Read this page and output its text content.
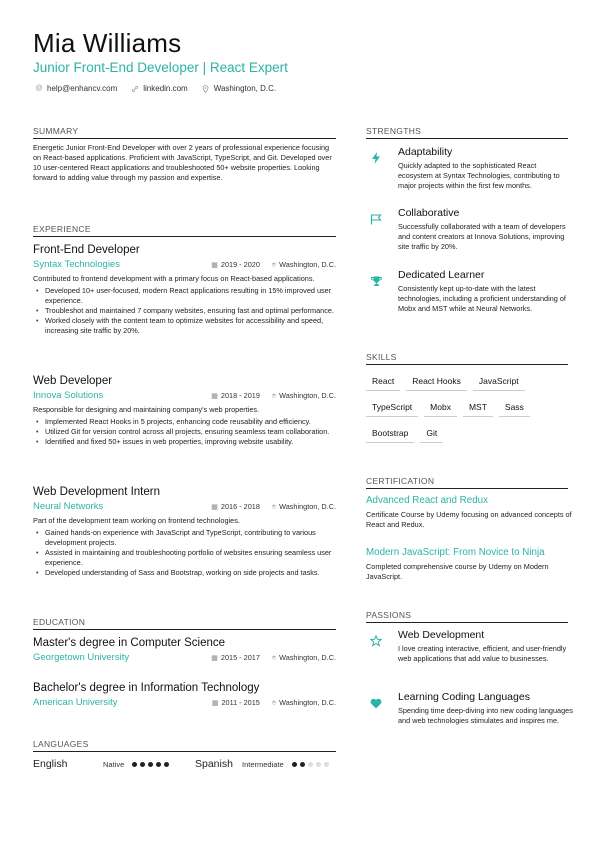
Mia Williams
Junior Front-End Developer | React Expert
@ help@enhancv.com	linkedin.com	Washington, D.C.
SUMMARY
Energetic Junior Front-End Developer with over 2 years of professional experience focusing on React-based applications. Proficient with JavaScript, TypeScript, and Git. Developed over 10 user-centered React applications and troubleshooted 50+ website properties. Looking forward to adding value through my passion and expertise.
EXPERIENCE
Front-End Developer
Syntax Technologies	▦ 2019 - 2020 ⌾ Washington, D.C.
Contributed to frontend development with a primary focus on React-based applications.
• Developed 10+ user-focused, modern React applications resulting in 15% improved user experience.
• Troubleshot and maintained 7 company websites, ensuring fast and optimal performance.
• Worked closely with the content team to optimize websites for accessibility and speed, increasing site traffic by 20%.
Web Developer
Innova Solutions	▦ 2018 - 2019 ⌾ Washington, D.C.
Responsible for designing and maintaining company's web properties.
• Implemented React Hooks in 5 projects, enhancing code reusability and efficiency.
• Utilized Git for version control across all projects, ensuring seamless team collaboration.
• Identified and fixed 50+ issues in web properties, improving website usability.
Web Development Intern
Neural Networks	▦ 2016 - 2018 ⌾ Washington, D.C.
Part of the development team working on frontend technologies.
• Gained hands-on experience with JavaScript and TypeScript, contributing to various development projects.
• Assisted in maintaining and troubleshooting portfolio of websites ensuring seamless user experience.
• Developed understanding of Sass and Bootstrap, working on side projects and tasks.
EDUCATION
Master's degree in Computer Science
Georgetown University	▦ 2015 - 2017 ⌾ Washington, D.C.
Bachelor's degree in Information Technology
American University	▦ 2011 - 2015 ⌾ Washington, D.C.
LANGUAGES
English	Native	Spanish	Intermediate
STRENGTHS
Adaptability
Quickly adapted to the sophisticated React ecosystem at Syntax Technologies, contributing to major projects within the first few months.
Collaborative
Successfully collaborated with a team of developers and content creators at Innova Solutions, improving site traffic by 20%.
Dedicated Learner
Consistently kept up-to-date with the latest technologies, including a proficient understanding of Mobx and MST while at Neural Networks.
SKILLS
React	React Hooks	JavaScript
TypeScript	Mobx	MST	Sass
Bootstrap	Git
CERTIFICATION
Advanced React and Redux
Certificate Course by Udemy focusing on advanced concepts of React and Redux.
Modern JavaScript: From Novice to Ninja
Completed comprehensive course by Udemy on Modern JavaScript.
PASSIONS
Web Development
I love creating interactive, efficient, and user-friendly web applications that add value to businesses.
Learning Coding Languages
Spending time deep-diving into new coding languages and web technologies stimulates and inspires me.
